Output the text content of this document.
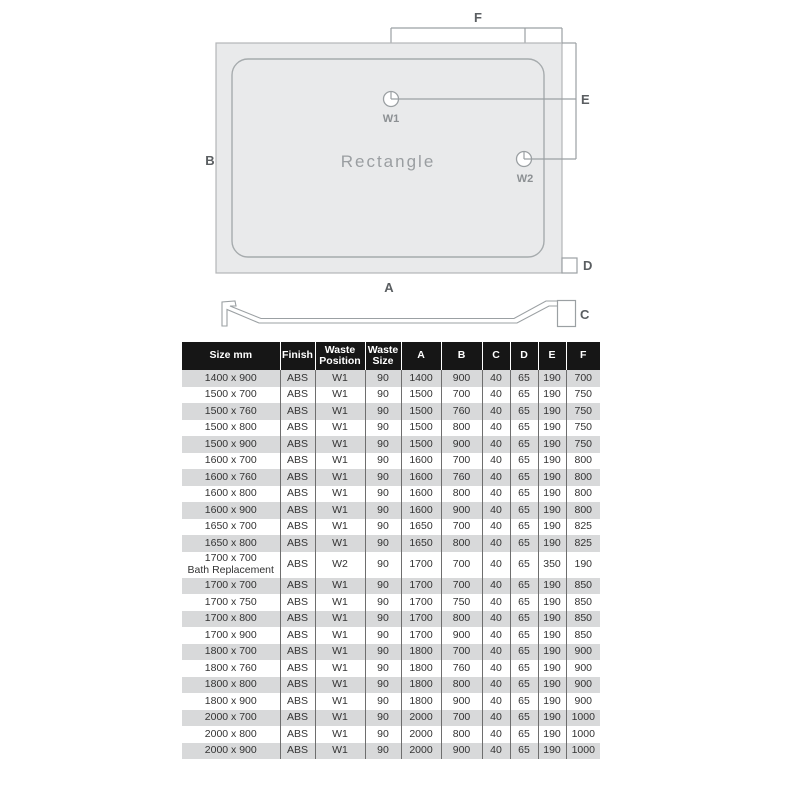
F
E
B
A
D
C
W1
W2
Rectangle
Size mm	Finish	Waste Position	Waste Size	A	B	C	D	E	F

1400 x 900	ABS	W1	90	1400	900	40	65	190	700

1500 x 700	ABS	W1	90	1500	700	40	65	190	750

1500 x 760	ABS	W1	90	1500	760	40	65	190	750

1500 x 800	ABS	W1	90	1500	800	40	65	190	750

1500 x 900	ABS	W1	90	1500	900	40	65	190	750

1600 x 700	ABS	W1	90	1600	700	40	65	190	800

1600 x 760	ABS	W1	90	1600	760	40	65	190	800

1600 x 800	ABS	W1	90	1600	800	40	65	190	800

1600 x 900	ABS	W1	90	1600	900	40	65	190	800

1650 x 700	ABS	W1	90	1650	700	40	65	190	825

1650 x 800	ABS	W1	90	1650	800	40	65	190	825

1700 x 700
Bath Replacement	ABS	W2	90	1700	700	40	65	350	190

1700 x 700	ABS	W1	90	1700	700	40	65	190	850

1700 x 750	ABS	W1	90	1700	750	40	65	190	850

1700 x 800	ABS	W1	90	1700	800	40	65	190	850

1700 x 900	ABS	W1	90	1700	900	40	65	190	850

1800 x 700	ABS	W1	90	1800	700	40	65	190	900

1800 x 760	ABS	W1	90	1800	760	40	65	190	900

1800 x 800	ABS	W1	90	1800	800	40	65	190	900

1800 x 900	ABS	W1	90	1800	900	40	65	190	900

2000 x 700	ABS	W1	90	2000	700	40	65	190	1000

2000 x 800	ABS	W1	90	2000	800	40	65	190	1000

2000 x 900	ABS	W1	90	2000	900	40	65	190	1000
